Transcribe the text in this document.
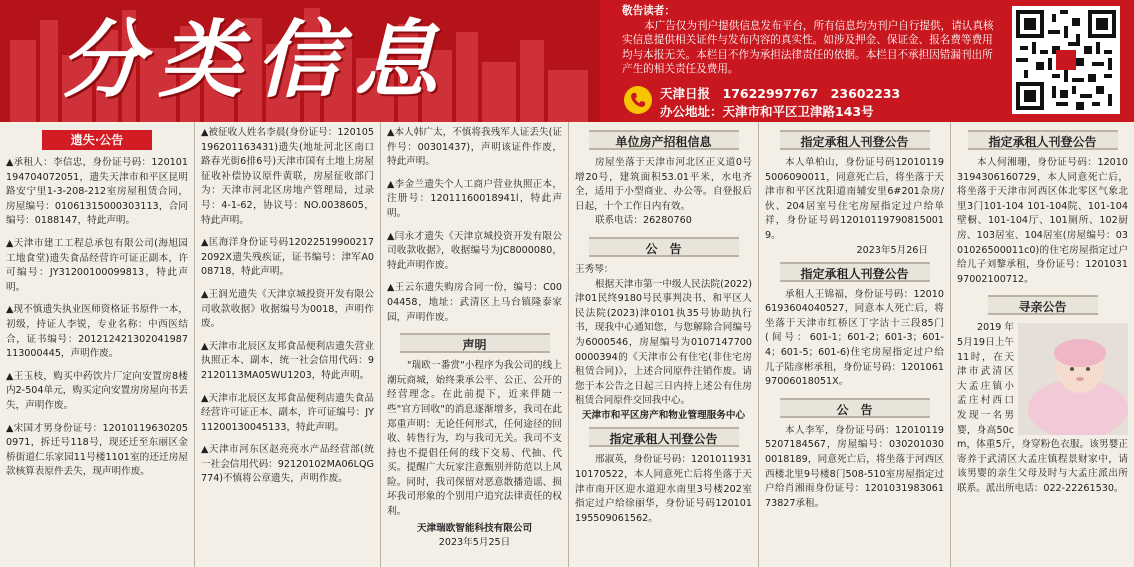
分类信息	敬告读者：
本广告仅为刊户提供信息发布平台，所有信息均为刊户自行提供，请认真核实信息提供相关证件与发布内容的真实性。如涉及押金、保证金、报名费等费用均与本报无关。本栏目不作为承担法律责任的依据。本栏目不承担因错漏刊出所产生的相关责任及费用。
天津日报　17622997767　23602233
办公地址：天津市和平区卫津路143号
遗失·公告
▲承租人：李信忠，身份证号码：120101194704072051，遗失天津市和平区昆明路安宁里1-3-208-212室房屋租赁合同，房屋编号：01061315000303113，合同编号：0188147，特此声明。
▲天津市建工工程总承包有限公司(海旭园工地食堂)遗失食品经营许可证正副本，许可编号：JY31200100099813，特此声明。
▲现不慎遗失执业医师资格证书原件一本，初级，持证人李锐，专业名称：中西医结合，证书编号：201212421302041987113000445，声明作废。
▲王玉枝，购买中药饮片厂定向安置房8楼内2-504单元，购买定向安置房房屋向书丢失，声明作废。
▲宋国才男身份证号：120101196302050971，拆迁号118号，现还迁至东丽区金桥街道仁乐家园11号楼1101室的还迁房屋款核算表原件丢失，现声明作废。
▲被征收人姓名李晨(身份证号：120105196201163431)遗失(地址河北区南口路春光街6排6号)天津市国有土地上房屋征收补偿协议原件黄联，房屋征收部门为：天津市河北区房地产管理局，过录号：4-1-62，协议号：NO.0038605，特此声明。
▲匡海洋身份证号码120225199002172092X遗失残疾证，证书编号：津军A008718，特此声明。
▲王润光遗失《天津京城投资开发有限公司收款收据》收据编号为0018，声明作废。
▲天津市北辰区友邦食品便利店遗失营业执照正本、副本，统一社会信用代码：92120113MA05WU1203，特此声明。
▲天津市北辰区友邦食品便利店遗失食品经营许可证正本、副本，许可证编号：JY11200130045133，特此声明。
▲天津市河东区赵亮亮水产品经营部(统一社会信用代码：92120102MA06LQG774)不慎将公章遗失，声明作废。
▲本人韩广太，不慎将我残军人证丢失(证件号：00301437)，声明该证件作废，特此声明。
▲李金兰遗失个人工商户营业执照正本，注册号：12011160018941l，特此声明。
▲闫永才遗失《天津京城投资开发有限公司收款收据》，收据编号为JC8000080，特此声明作废。
▲王云东遗失购房合同一份，编号：C0004458，地址：武清区上马台镇隆泰家园，声明作废。
声明
"瑞欧一番赏"小程序为我公司的线上潮玩商城，始终秉承公平、公正、公开的经营理念。在此前提下，近来伴随一些"官方回收"的消息逐渐增多，我司在此郑重声明：无论任何形式，任何途径的回收、转售行为，均与我司无关。我司不支持也不提倡任何的线下交易、代抽、代买。提醒广大玩家注意甄别并防范以上风险。同时，我司保留对恶意散播造谣、损坏我司形象的个别用户追究法律责任的权利。
天津瑞欧智能科技有限公司
2023年5月25日
单位房产招租信息
房屋坐落于天津市河北区正义道0号增20号，建筑面积53.01平米，水电齐全，适用于小型商业、办公等。自登报后日起，十个工作日内有效。
联系电话：26280760
公　告
王秀琴：
根据天津市第一中级人民法院(2022)津01民终9180号民事判决书、和平区人民法院(2023)津0101执35号协助执行书，现我中心通知您，与您解除合同编号为6000546，房屋编号为01071477000000394的《天津市公有住宅(非住宅房租赁合同)》，上述合同原件注销作废。请您于本公告之日起三日内持上述公有住房租赁合同原件交回我中心。
天津市和平区房产和物业管理服务中心
指定承租人刊登公告
邢淑英，身份证号码：120101193110170522，本人同意死亡后将坐落于天津市南开区迎水道迎水南里3号楼202室指定过户给徐丽华，身份证号码120101195509061562。
指定承租人刊登公告
本人单柏山，身份证号码120101195006090011，同意死亡后，将坐落于天津市和平区沈阳道南辅安里6#201杂房/伙、204居室号住宅房屋指定过户给单祥，身份证号码120101197908150019。
2023年5月26日
指定承租人刊登公告
承租人王锦福，身份证号码：120106193604040527，同意本人死亡后，将坐落于天津市红桥区丁字沽十三段85门(间号：601-1；601-2；601-3；601-4；601-5；601-6)住宅房屋指定过户给儿子陆彦彬承租，身份证号码：120106197006018051X。
公　告
本人李军，身份证号码：120101195207184567，房屋编号：0302010300018189，同意死亡后，将坐落于河西区西楼北里9号楼8门508-510室房屋指定过户给肖湘雨身份证号：120103198306173827承租。
指定承租人刊登公告
本人何湘珊，身份证号码：120103194306160729，本人同意死亡后，将坐落于天津市河西区体北零区气象北里3门101-104 101-104院、101-104壁橱、101-104厅、101厕所、102厨房、103居室、104居室(房屋编号：0301026500011c0)的住宅房屋指定过户给儿子刘黎承租，身份证号：120103197002100712。
寻亲公告
2019年5月19日上午11时，在天津市武清区大孟庄镇小孟庄村西口发现一名男婴，身高50cm，体重5斤，身穿粉色衣服。该男婴正寄养于武清区大孟庄镇程景财家中，请该男婴的亲生父母及时与大孟庄派出所联系。派出所电话：022-22261530。
